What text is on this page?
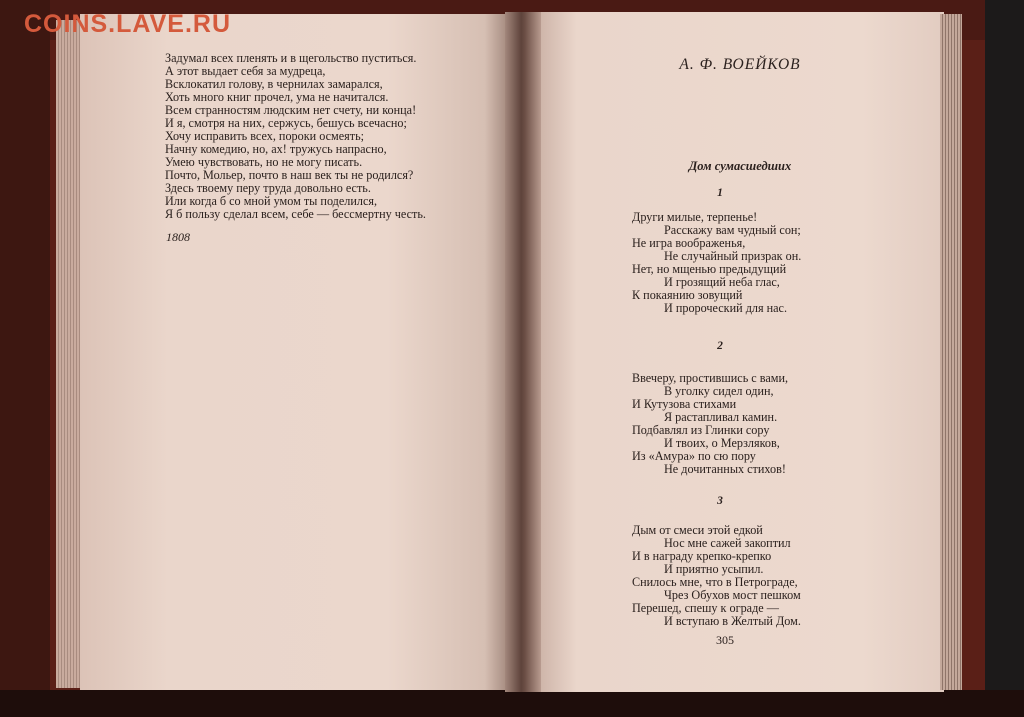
COINS.LAVE.RU
Задумал всех пленять и в щегольство пуститься.
А этот выдает себя за мудреца,
Всклокатил голову, в чернилах замарался,
Хоть много книг прочел, ума не начитался.
Всем странностям людским нет счету, ни конца!
И я, смотря на них, сержусь, бешусь всечасно;
Хочу исправить всех, пороки осмеять;
Начну комедию, но, ах! тружусь напрасно,
Умею чувствовать, но не могу писать.
Почто, Мольер, почто в наш век ты не родился?
Здесь твоему перу труда довольно есть.
Или когда б со мной умом ты поделился,
Я б пользу сделал всем, себе — бессмертну честь.
1808
А. Ф. ВОЕЙКОВ
Дом сумасшедших
1
Други милые, терпенье!
Расскажу вам чудный сон;
Не игра воображенья,
Не случайный призрак он.
Нет, но мщенью предыдущий
И грозящий неба глас,
К покаянию зовущий
И пророческий для нас.
2
Ввечеру, простившись с вами,
В уголку сидел один,
И Кутузова стихами
Я растапливал камин.
Подбавлял из Глинки сору
И твоих, о Мерзляков,
Из «Амура» по сю пору
Не дочитанных стихов!
3
Дым от смеси этой едкой
Нос мне сажей закоптил
И в награду крепко-крепко
И приятно усыпил.
Снилось мне, что в Петрограде,
Чрез Обухов мост пешком
Перешед, спешу к ограде —
И вступаю в Желтый Дом.
305
